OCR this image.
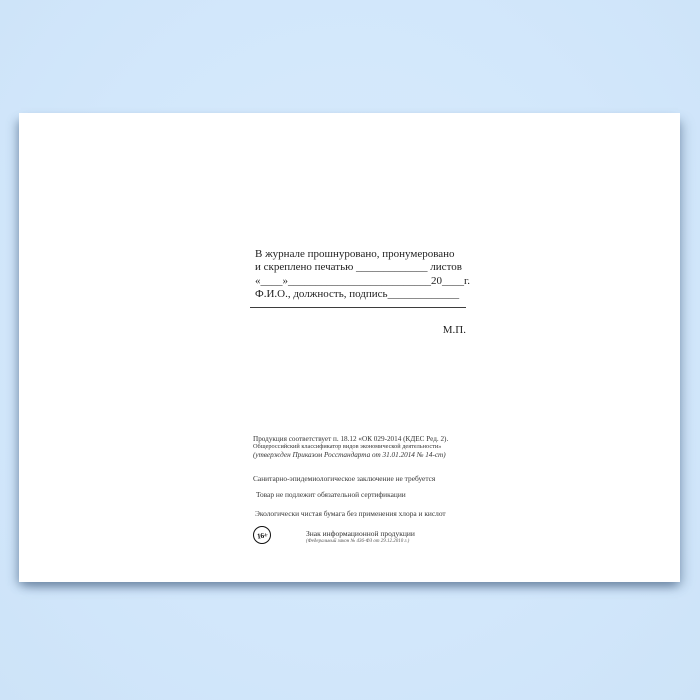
В журнале прошнуровано, пронумеровано
и скреплено печатью _____________ листов
«____»__________________________20____г.
Ф.И.О., должность, подпись_____________
М.П.
Продукция соответствует п. 18.12 «ОК 029-2014 (КДЕС Ред. 2).
Общероссийский классификатор видов экономической деятельности»
(утвержден Приказом Росстандарта от 31.01.2014 № 14-ст)
Санитарно-эпидемиологическое заключение не требуется
Товар не подлежит обязательной сертификации
Экологически чистая бумага без применения хлора и кислот
16+	Знак информационной продукции
(Федеральный закон № 436-ФЗ от 29.12.2010 г.)
